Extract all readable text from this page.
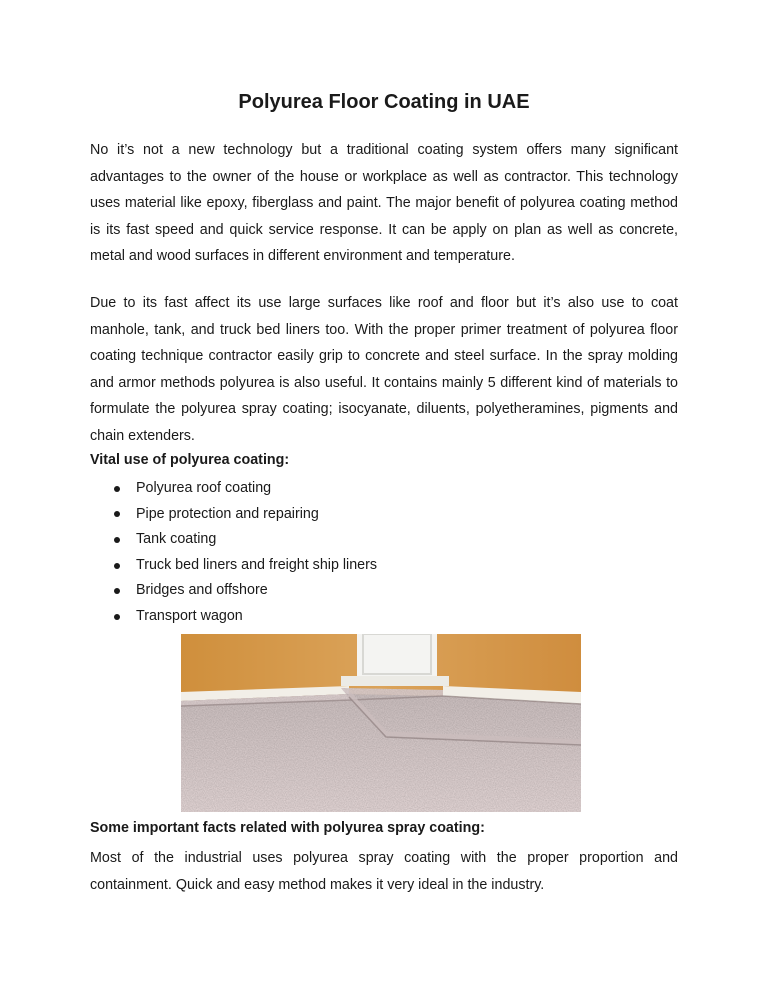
Polyurea Floor Coating in UAE

No it’s not a new technology but a traditional coating system offers many significant advantages to the owner of the house or workplace as well as contractor. This technology uses material like epoxy, fiberglass and paint. The major benefit of polyurea coating method is its fast speed and quick service response. It can be apply on plan as well as concrete, metal and wood surfaces in different environment and temperature.

Due to its fast affect its use large surfaces like roof and floor but it’s also use to coat manhole, tank, and truck bed liners too. With the proper primer treatment of polyurea floor coating technique contractor easily grip to concrete and steel surface. In the spray molding and armor methods polyurea is also useful. It contains mainly 5 different kind of materials to formulate the polyurea spray coating; isocyanate, diluents, polyetheramines, pigments and chain extenders.

Vital use of polyurea coating:

Polyurea roof coating
Pipe protection and repairing
Tank coating
Truck bed liners and freight ship liners
Bridges and offshore
Transport wagon

Some important facts related with polyurea spray coating:

Most of the industrial uses polyurea spray coating with the proper proportion and containment. Quick and easy method makes it very ideal in the industry.
